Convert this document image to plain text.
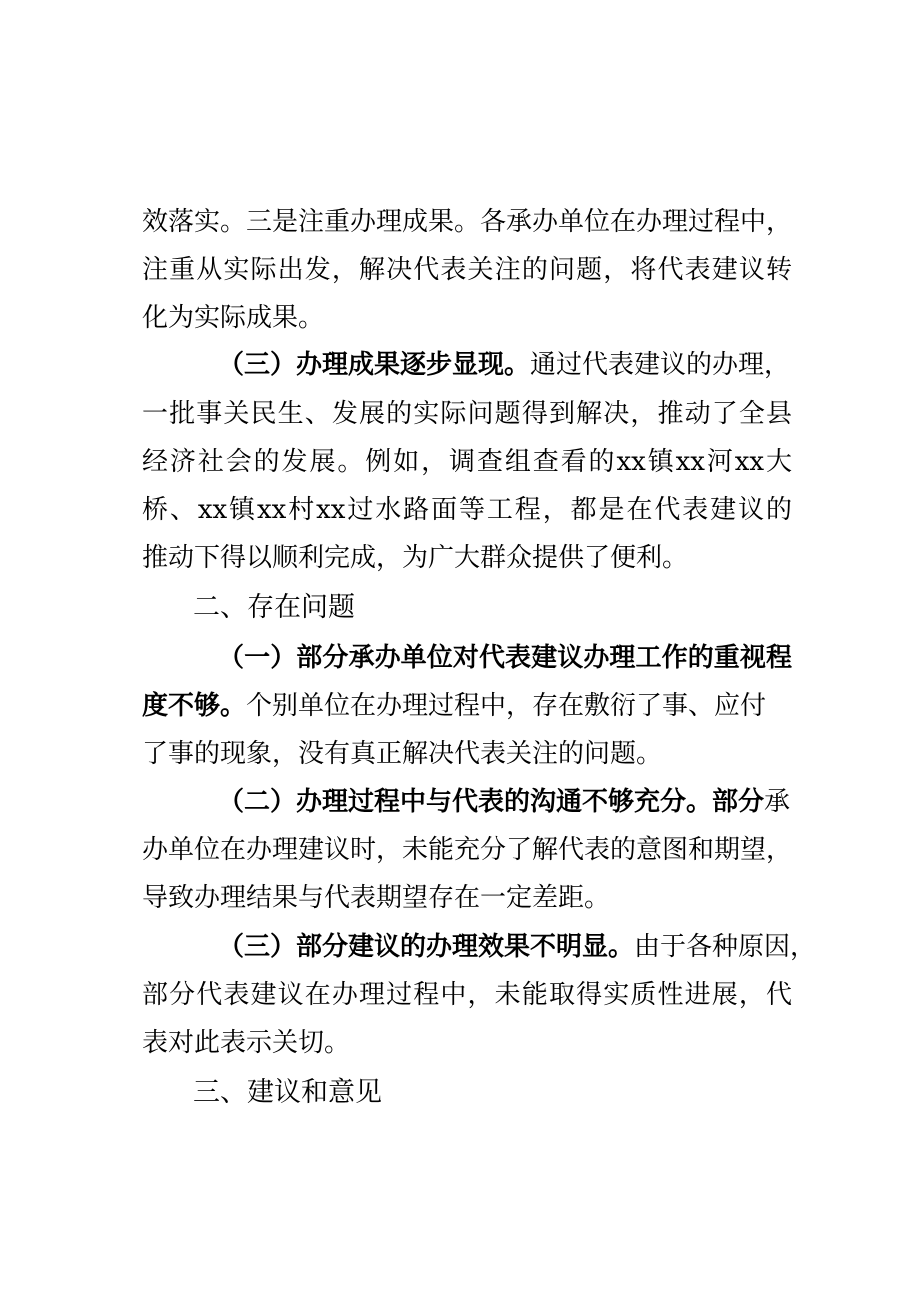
效落实。三是注重办理成果。各承办单位在办理过程中，
注重从实际出发，解决代表关注的问题，将代表建议转
化为实际成果。
（三）办理成果逐步显现。通过代表建议的办理，
一批事关民生、发展的实际问题得到解决，推动了全县
经济社会的发展。例如，调查组查看的xx镇xx河xx大
桥、xx镇xx村xx过水路面等工程，都是在代表建议的
推动下得以顺利完成，为广大群众提供了便利。
二、存在问题
（一）部分承办单位对代表建议办理工作的重视程
度不够。个别单位在办理过程中，存在敷衍了事、应付
了事的现象，没有真正解决代表关注的问题。
（二）办理过程中与代表的沟通不够充分。部分承
办单位在办理建议时，未能充分了解代表的意图和期望，
导致办理结果与代表期望存在一定差距。
（三）部分建议的办理效果不明显。由于各种原因，
部分代表建议在办理过程中，未能取得实质性进展，代
表对此表示关切。
三、建议和意见
